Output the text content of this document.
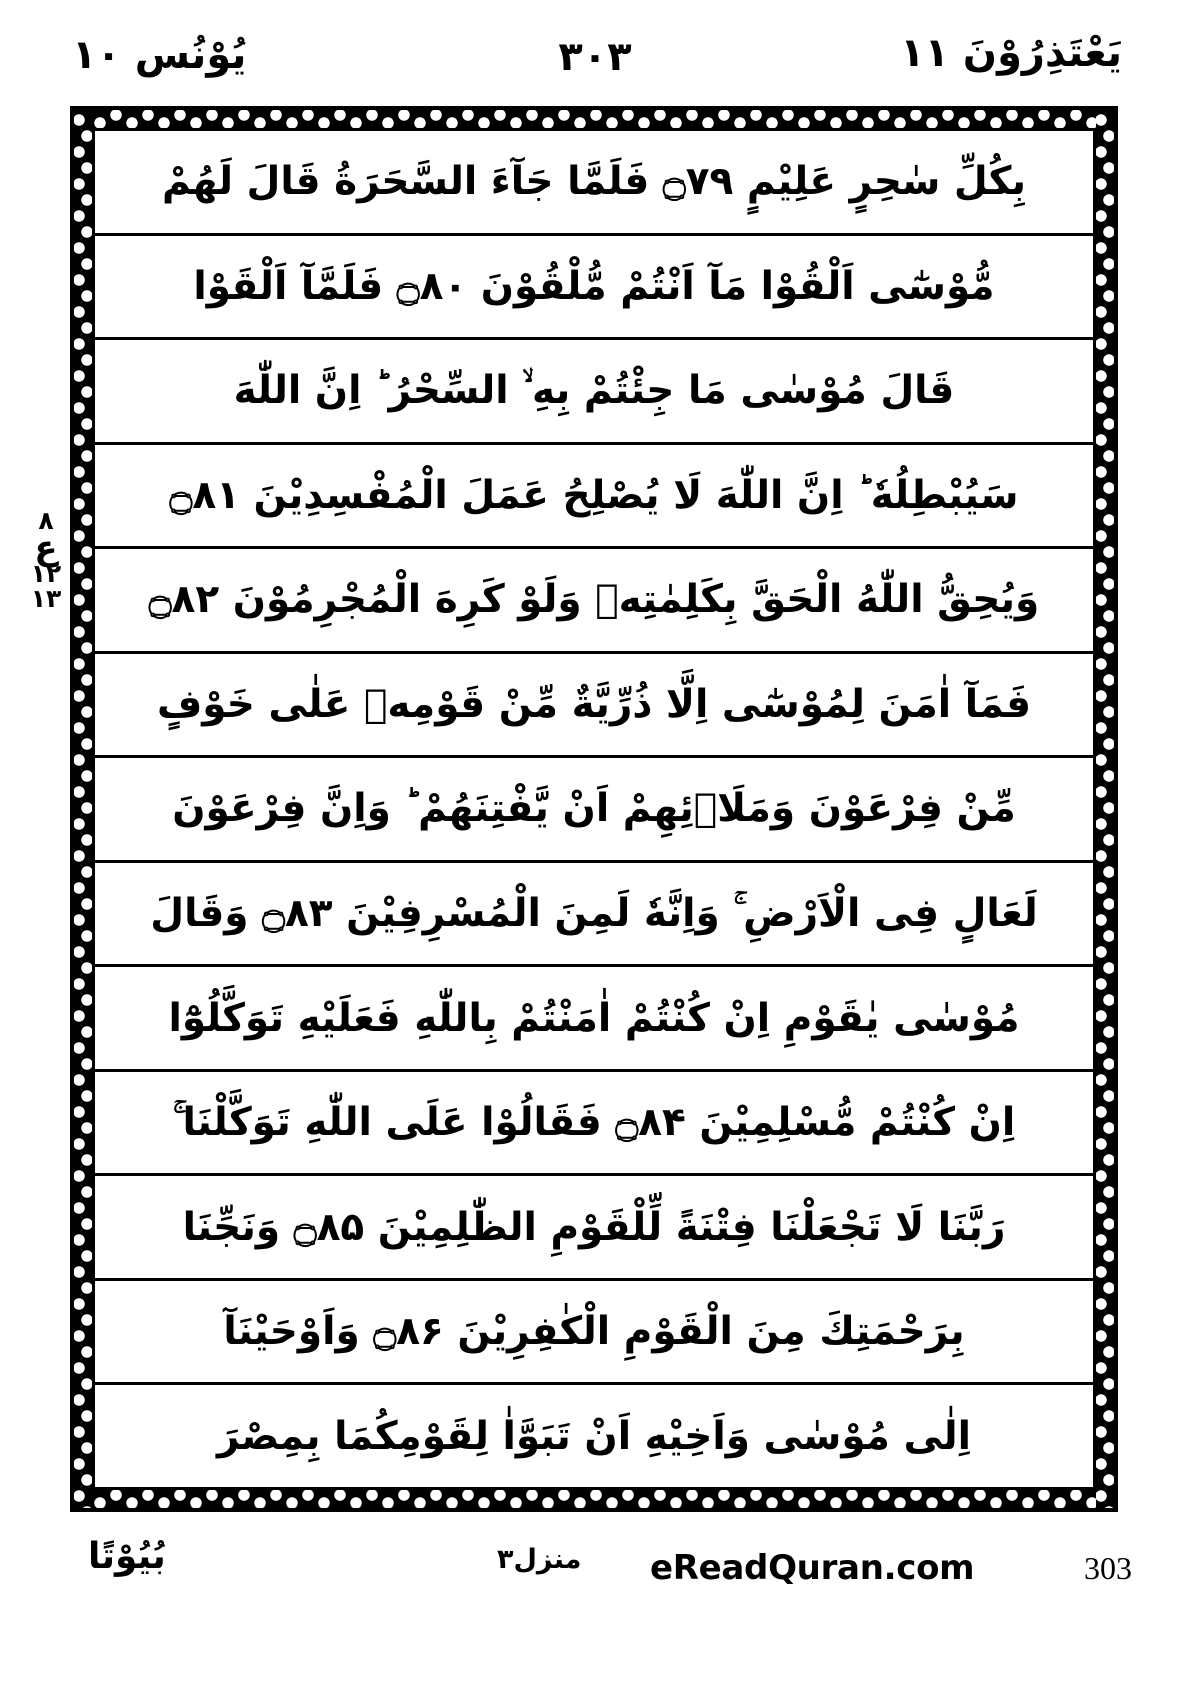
يُوْنُس ١٠	٣٠٣	يَعْتَذِرُوْنَ ١١
٨
ع
١٢
١٣
بِكُلِّ سٰحِرٍ عَلِيْمٍ ۝۷۹ فَلَمَّا جَآءَ السَّحَرَةُ قَالَ لَهُمْ
مُّوْسٰٓى اَلْقُوْا مَآ اَنْتُمْ مُّلْقُوْنَ ۝۸۰ فَلَمَّآ اَلْقَوْا
قَالَ مُوْسٰى مَا جِئْتُمْ بِهِ ۙ السِّحْرُ ؕ اِنَّ اللّٰهَ
سَيُبْطِلُهٗ ؕ اِنَّ اللّٰهَ لَا يُصْلِحُ عَمَلَ الْمُفْسِدِيْنَ ۝۸۱
وَيُحِقُّ اللّٰهُ الْحَقَّ بِكَلِمٰتِهٖ وَلَوْ كَرِهَ الْمُجْرِمُوْنَ ۝۸۲
فَمَآ اٰمَنَ لِمُوْسٰٓى اِلَّا ذُرِّيَّةٌ مِّنْ قَوْمِهٖ عَلٰى خَوْفٍ
مِّنْ فِرْعَوْنَ وَمَلَاۡئِهِمْ اَنْ يَّفْتِنَهُمْ ؕ وَاِنَّ فِرْعَوْنَ
لَعَالٍ فِى الْاَرْضِ ۚ وَاِنَّهٗ لَمِنَ الْمُسْرِفِيْنَ ۝۸۳ وَقَالَ
مُوْسٰى يٰقَوْمِ اِنْ كُنْتُمْ اٰمَنْتُمْ بِاللّٰهِ فَعَلَيْهِ تَوَكَّلُوْٓا
اِنْ كُنْتُمْ مُّسْلِمِيْنَ ۝۸۴ فَقَالُوْا عَلَى اللّٰهِ تَوَكَّلْنَا ۚ
رَبَّنَا لَا تَجْعَلْنَا فِتْنَةً لِّلْقَوْمِ الظّٰلِمِيْنَ ۝۸۵ وَنَجِّنَا
بِرَحْمَتِكَ مِنَ الْقَوْمِ الْكٰفِرِيْنَ ۝۸۶ وَاَوْحَيْنَآ
اِلٰى مُوْسٰى وَاَخِيْهِ اَنْ تَبَوَّاٰ لِقَوْمِكُمَا بِمِصْرَ
بُيُوْتًا	منزل٣ eReadQuran.com	303
